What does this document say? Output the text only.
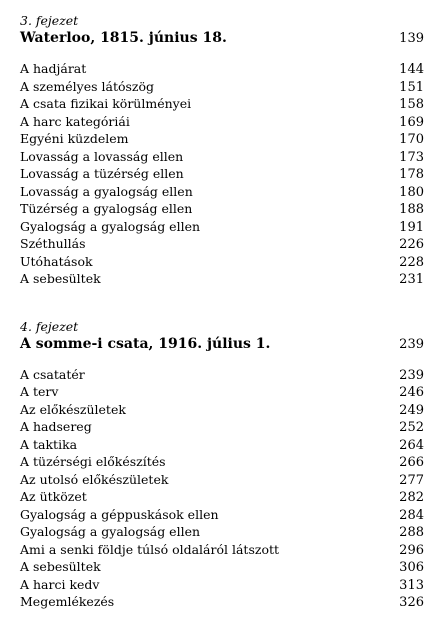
3. fejezet
Waterloo, 1815. június 18.	139
A hadjárat	144
A személyes látószög	151
A csata fizikai körülményei	158
A harc kategóriái	169
Egyéni küzdelem	170
Lovasság a lovasság ellen	173
Lovasság a tüzérség ellen	178
Lovasság a gyalogság ellen	180
Tüzérség a gyalogság ellen	188
Gyalogság a gyalogság ellen	191
Széthullás	226
Utóhatások	228
A sebesültek	231
4. fejezet
A somme-i csata, 1916. július 1.	239
A csatatér	239
A terv	246
Az előkészületek	249
A hadsereg	252
A taktika	264
A tüzérségi előkészítés	266
Az utolsó előkészületek	277
Az ütközet	282
Gyalogság a géppuskások ellen	284
Gyalogság a gyalogság ellen	288
Ami a senki földje túlsó oldaláról látszott	296
A sebesültek	306
A harci kedv	313
Megemlékezés	326
